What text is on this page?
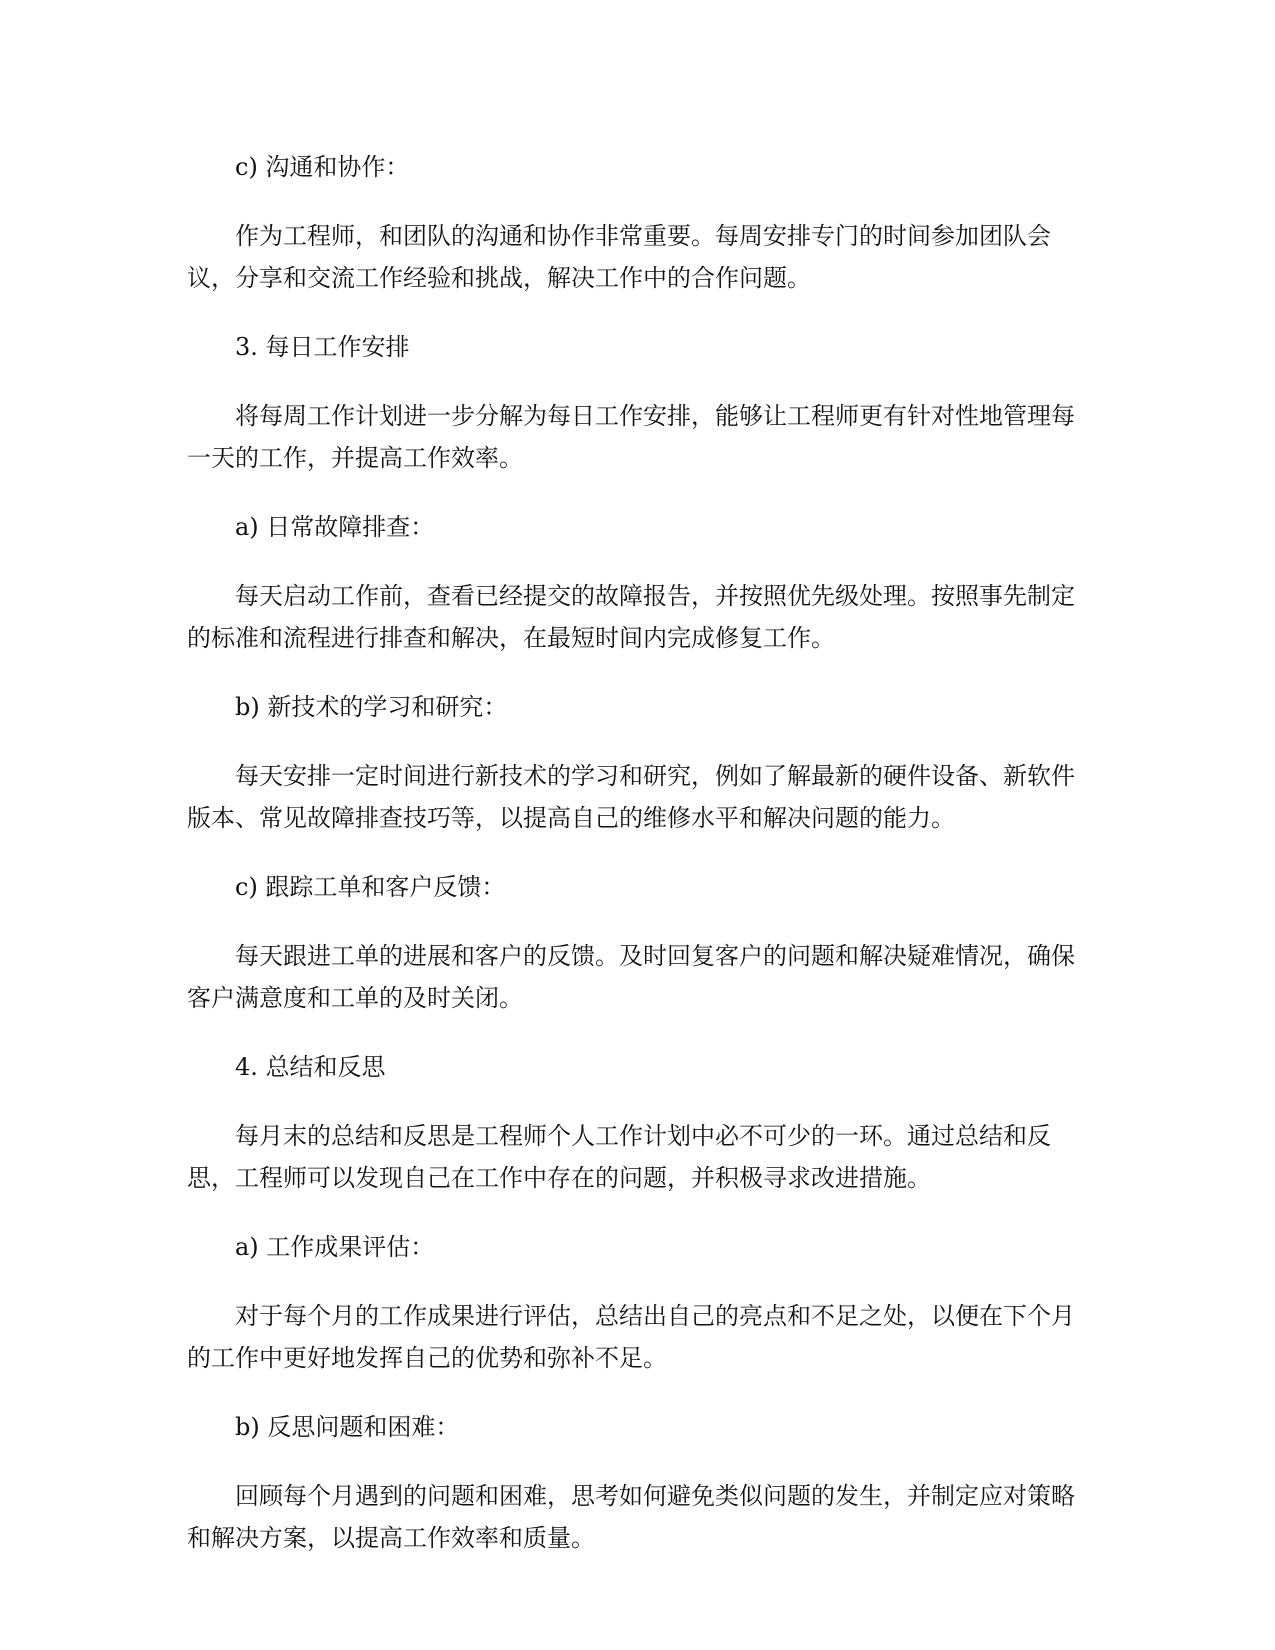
c) 沟通和协作：

作为工程师，和团队的沟通和协作非常重要。每周安排专门的时间参加团队会议，分享和交流工作经验和挑战，解决工作中的合作问题。

3. 每日工作安排

将每周工作计划进一步分解为每日工作安排，能够让工程师更有针对性地管理每一天的工作，并提高工作效率。

a) 日常故障排查：

每天启动工作前，查看已经提交的故障报告，并按照优先级处理。按照事先制定的标准和流程进行排查和解决，在最短时间内完成修复工作。

b) 新技术的学习和研究：

每天安排一定时间进行新技术的学习和研究，例如了解最新的硬件设备、新软件版本、常见故障排查技巧等，以提高自己的维修水平和解决问题的能力。

c) 跟踪工单和客户反馈：

每天跟进工单的进展和客户的反馈。及时回复客户的问题和解决疑难情况，确保客户满意度和工单的及时关闭。

4. 总结和反思

每月末的总结和反思是工程师个人工作计划中必不可少的一环。通过总结和反思，工程师可以发现自己在工作中存在的问题，并积极寻求改进措施。

a) 工作成果评估：

对于每个月的工作成果进行评估，总结出自己的亮点和不足之处，以便在下个月的工作中更好地发挥自己的优势和弥补不足。

b) 反思问题和困难：

回顾每个月遇到的问题和困难，思考如何避免类似问题的发生，并制定应对策略和解决方案，以提高工作效率和质量。
